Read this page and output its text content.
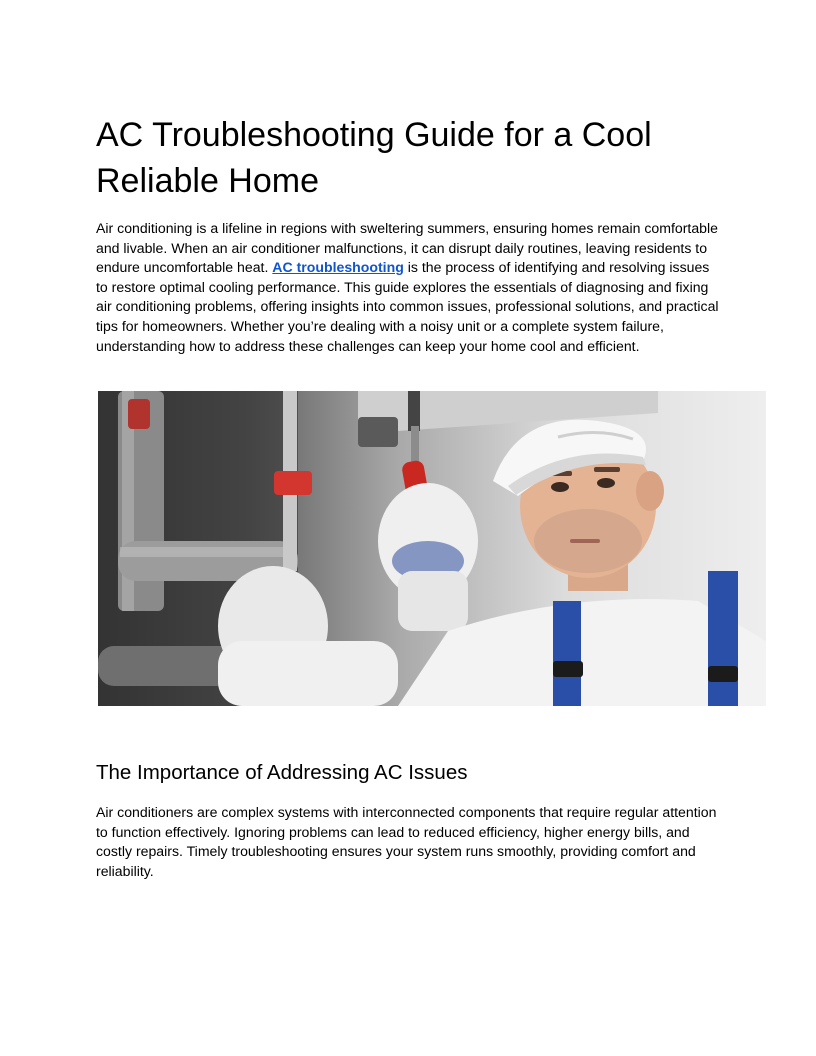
AC Troubleshooting Guide for a Cool Reliable Home

Air conditioning is a lifeline in regions with sweltering summers, ensuring homes remain comfortable and livable. When an air conditioner malfunctions, it can disrupt daily routines, leaving residents to endure uncomfortable heat. AC troubleshooting is the process of identifying and resolving issues to restore optimal cooling performance. This guide explores the essentials of diagnosing and fixing air conditioning problems, offering insights into common issues, professional solutions, and practical tips for homeowners. Whether you’re dealing with a noisy unit or a complete system failure, understanding how to address these challenges can keep your home cool and efficient.

The Importance of Addressing AC Issues

Air conditioners are complex systems with interconnected components that require regular attention to function effectively. Ignoring problems can lead to reduced efficiency, higher energy bills, and costly repairs. Timely troubleshooting ensures your system runs smoothly, providing comfort and reliability.
